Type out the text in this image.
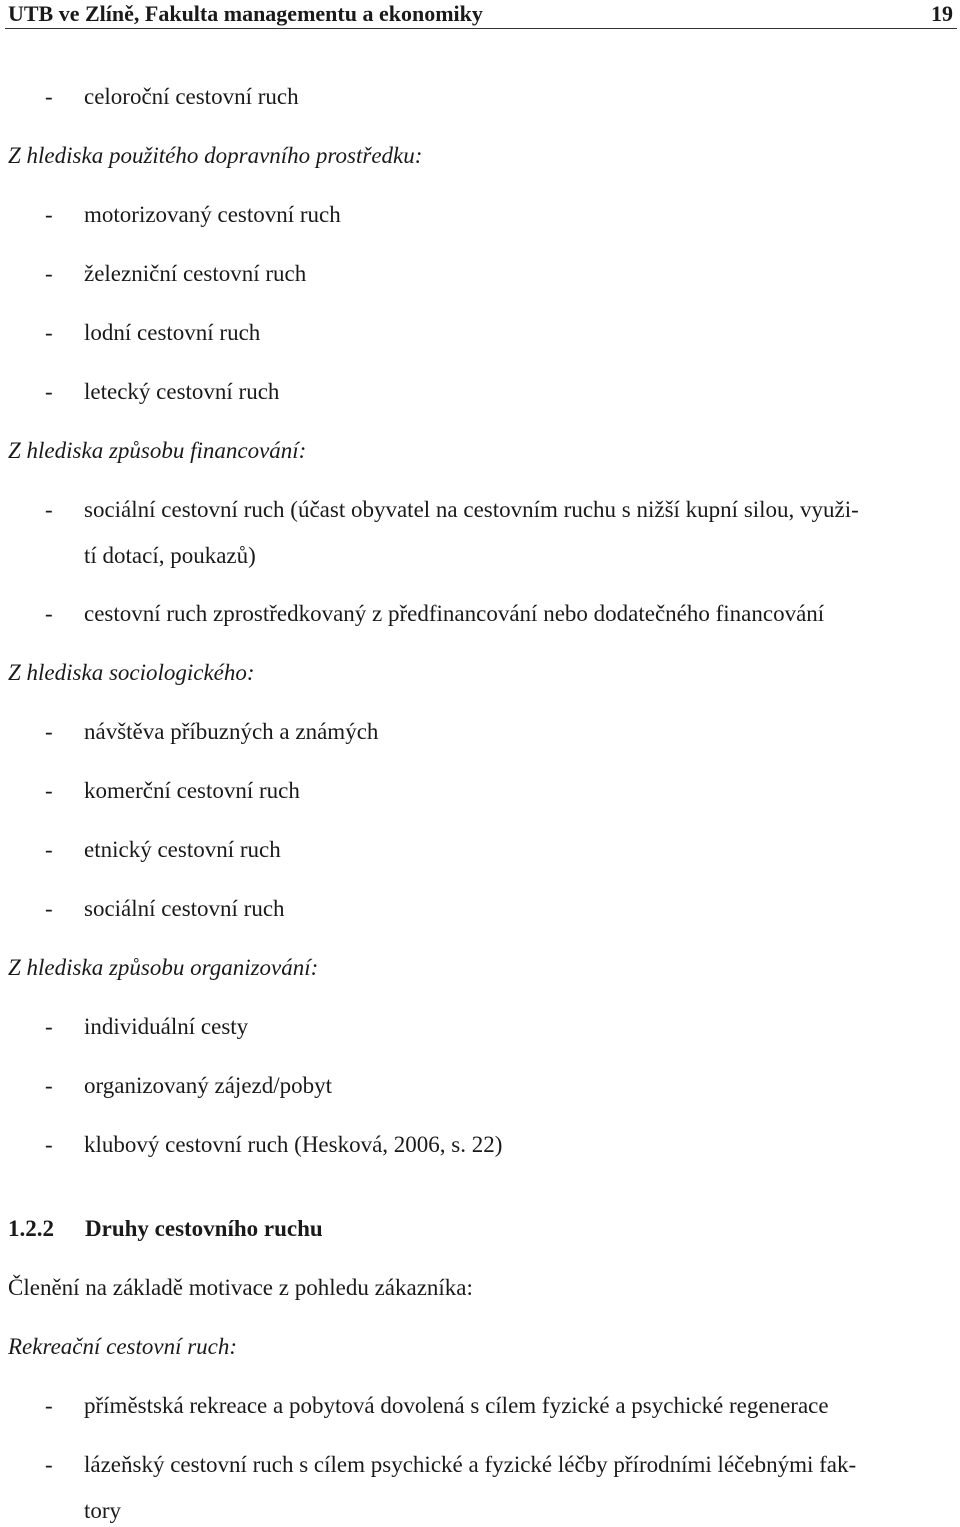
UTB ve Zlíně, Fakulta managementu a ekonomiky	19
- celoroční cestovní ruch
Z hlediska použitého dopravního prostředku:
- motorizovaný cestovní ruch
- železniční cestovní ruch
- lodní cestovní ruch
- letecký cestovní ruch
Z hlediska způsobu financování:
- sociální cestovní ruch (účast obyvatel na cestovním ruchu s nižší kupní silou, využi-
tí dotací, poukazů)
- cestovní ruch zprostředkovaný z předfinancování nebo dodatečného financování
Z hlediska sociologického:
- návštěva příbuzných a známých
- komerční cestovní ruch
- etnický cestovní ruch
- sociální cestovní ruch
Z hlediska způsobu organizování:
- individuální cesty
- organizovaný zájezd/pobyt
- klubový cestovní ruch (Hesková, 2006, s. 22)
1.2.2 Druhy cestovního ruchu
Členění na základě motivace z pohledu zákazníka:
Rekreační cestovní ruch:
- příměstská rekreace a pobytová dovolená s cílem fyzické a psychické regenerace
- lázeňský cestovní ruch s cílem psychické a fyzické léčby přírodními léčebnými fak-
tory
